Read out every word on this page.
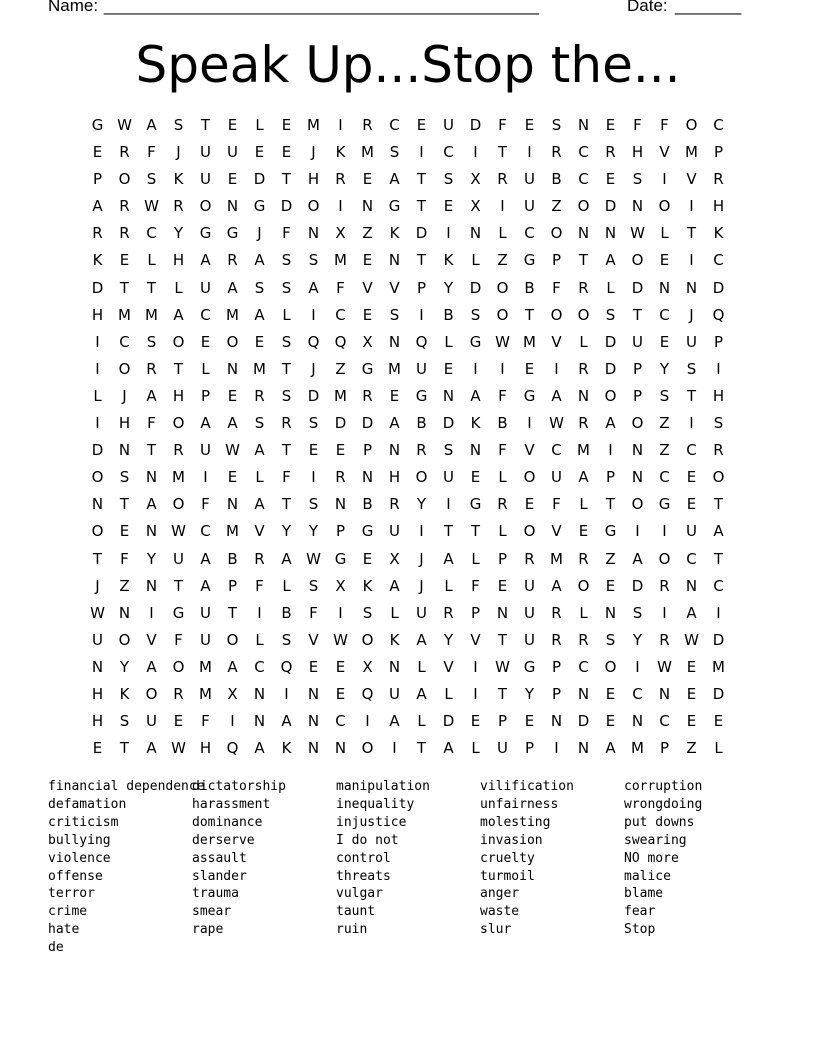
Name: ______________________________________________	Date: _______
Speak Up...Stop the...
G W A	S	T	E	L	E	M	I	R	C	E	U	D	F	E	S	N	E	F	F	O	C
E	R	F	J	U	U	E	E	J	K	M	S	I	C	I	T	I	R	C	R	H	V	M	P
P	O	S	K	U	E	D	T	H	R	E	A	T	S	X	R	U	B	C	E	S	I	V	R
A	R W R	O	N	G	D	O	I	N	G	T	E	X	I	U	Z	O	D	N	O	I	H
R	R	C	Y	G	G	J	F	N	X	Z	K	D	I	N	L	C	O	N	N W	L	T	K
K	E	L	H	A	R	A	S	S	M	E	N	T	K	L	Z	G	P	T	A	O	E	I	C
D	T	T	L	U	A	S	S	A	F	V	V	P	Y	D	O	B	F	R	L	D	N	N	D
H M M	A	C	M	A	L	I	C	E	S	I	B	S	O	T	O	O	S	T	C	J	Q
I	C	S	O	E	O	E	S	Q	Q	X	N	Q	L	G W M	V	L	D	U	E	U	P
I	O	R	T	L	N M	T	J	Z	G M	U	E	I	I	E	I	R	D	P	Y	S	I
L	J	A	H	P	E	R	S	D M	R	E	G	N	A	F	G	A	N	O	P	S	T	H
I	H	F	O	A	A	S	R	S	D	D	A	B	D	K	B	I	W R	A	O	Z	I	S
D	N	T	R	U W A	T	E	E	P	N	R	S	N	F	V	C	M	I	N	Z	C	R
O	S	N M	I	E	L	F	I	R	N	H	O	U	E	L	O	U	A	P	N	C	E	O
N	T	A	O	F	N	A	T	S	N	B	R	Y	I	G	R	E	F	L	T	O	G	E	T
O	E	N W C	M	V	Y	Y	P	G	U	I	T	T	L	O	V	E	G	I	I	U	A
T	F	Y	U	A	B	R	A W G	E	X	J	A	L	P	R	M	R	Z	A	O	C	T
J	Z	N	T	A	P	F	L	S	X	K	A	J	L	F	E	U	A	O	E	D	R	N	C
W N	I	G	U	T	I	B	F	I	S	L	U	R	P	N	U	R	L	N	S	I	A	I
U	O	V	F	U	O	L	S	V W O	K	A	Y	V	T	U	R	R	S	Y	R W D
N	Y	A	O M	A	C	Q	E	E	X	N	L	V	I	W G	P	C	O	I	W E	M
H	K	O	R	M	X	N	I	N	E	Q	U	A	L	I	T	Y	P	N	E	C	N	E	D
H	S	U	E	F	I	N	A	N	C	I	A	L	D	E	P	E	N	D	E	N	C	E	E
E	T	A W H	Q	A	K	N	N	O	I	T	A	L	U	P	I	N	A	M	P	Z	L
financial dependence
defamation
criticism
bullying
violence
offense
terror
crime
hate
de
dictatorship
harassment
dominance
derserve
assault
slander
trauma
smear
rape
manipulation
inequality
injustice
I do not
control
threats
vulgar
taunt
ruin
vilification
unfairness
molesting
invasion
cruelty
turmoil
anger
waste
slur
corruption
wrongdoing
put downs
swearing
NO more
malice
blame
fear
Stop
